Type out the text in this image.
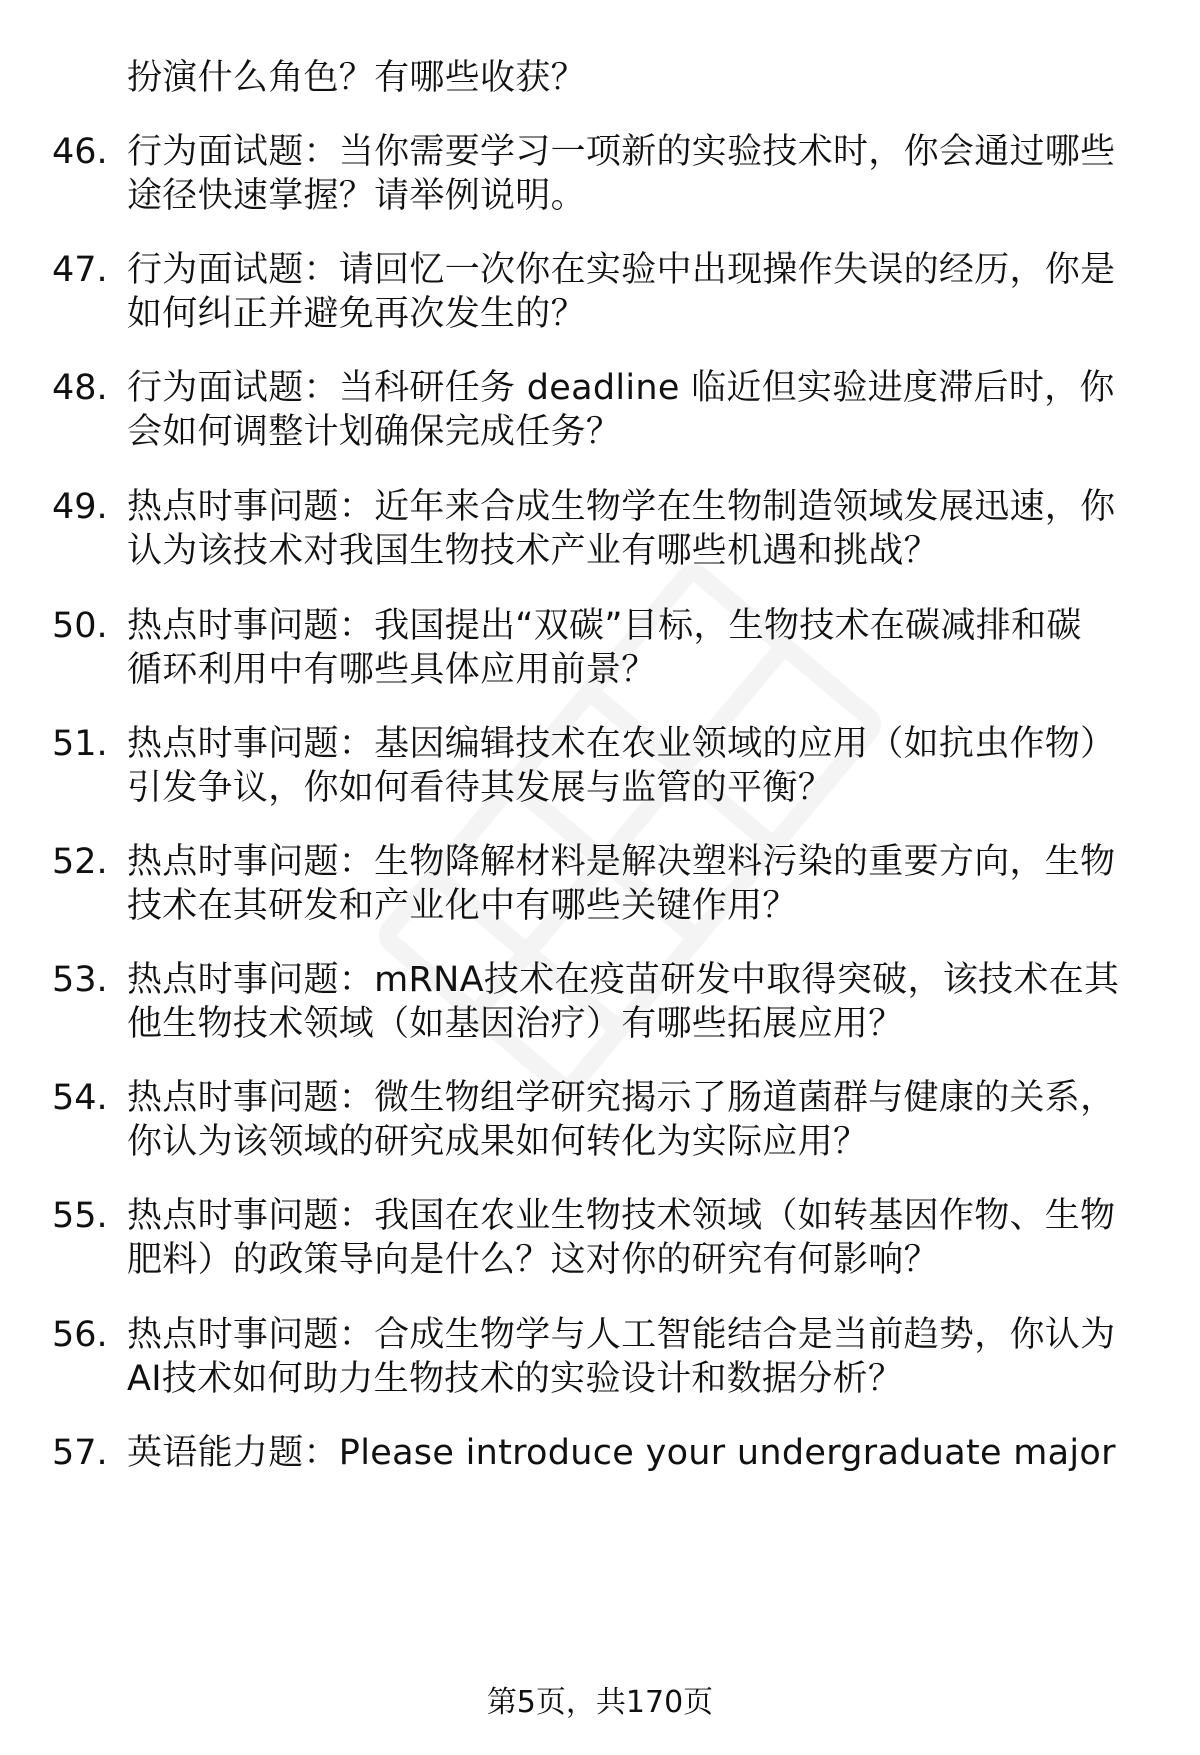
扮演什么角色？有哪些收获？
46. 行为面试题：当你需要学习一项新的实验技术时，你会通过哪些
途径快速掌握？请举例说明。
47. 行为面试题：请回忆一次你在实验中出现操作失误的经历，你是
如何纠正并避免再次发生的？
48. 行为面试题：当科研任务 deadline 临近但实验进度滞后时，你
会如何调整计划确保完成任务？
49. 热点时事问题：近年来合成生物学在生物制造领域发展迅速，你
认为该技术对我国生物技术产业有哪些机遇和挑战？
50. 热点时事问题：我国提出“双碳”目标，生物技术在碳减排和碳
循环利用中有哪些具体应用前景？
51. 热点时事问题：基因编辑技术在农业领域的应用（如抗虫作物）
引发争议，你如何看待其发展与监管的平衡？
52. 热点时事问题：生物降解材料是解决塑料污染的重要方向，生物
技术在其研发和产业化中有哪些关键作用？
53. 热点时事问题：mRNA技术在疫苗研发中取得突破，该技术在其
他生物技术领域（如基因治疗）有哪些拓展应用？
54. 热点时事问题：微生物组学研究揭示了肠道菌群与健康的关系，
你认为该领域的研究成果如何转化为实际应用？
55. 热点时事问题：我国在农业生物技术领域（如转基因作物、生物
肥料）的政策导向是什么？这对你的研究有何影响？
56. 热点时事问题：合成生物学与人工智能结合是当前趋势，你认为
AI技术如何助力生物技术的实验设计和数据分析？
57. 英语能力题：Please introduce your undergraduate major
第5页，共170页
